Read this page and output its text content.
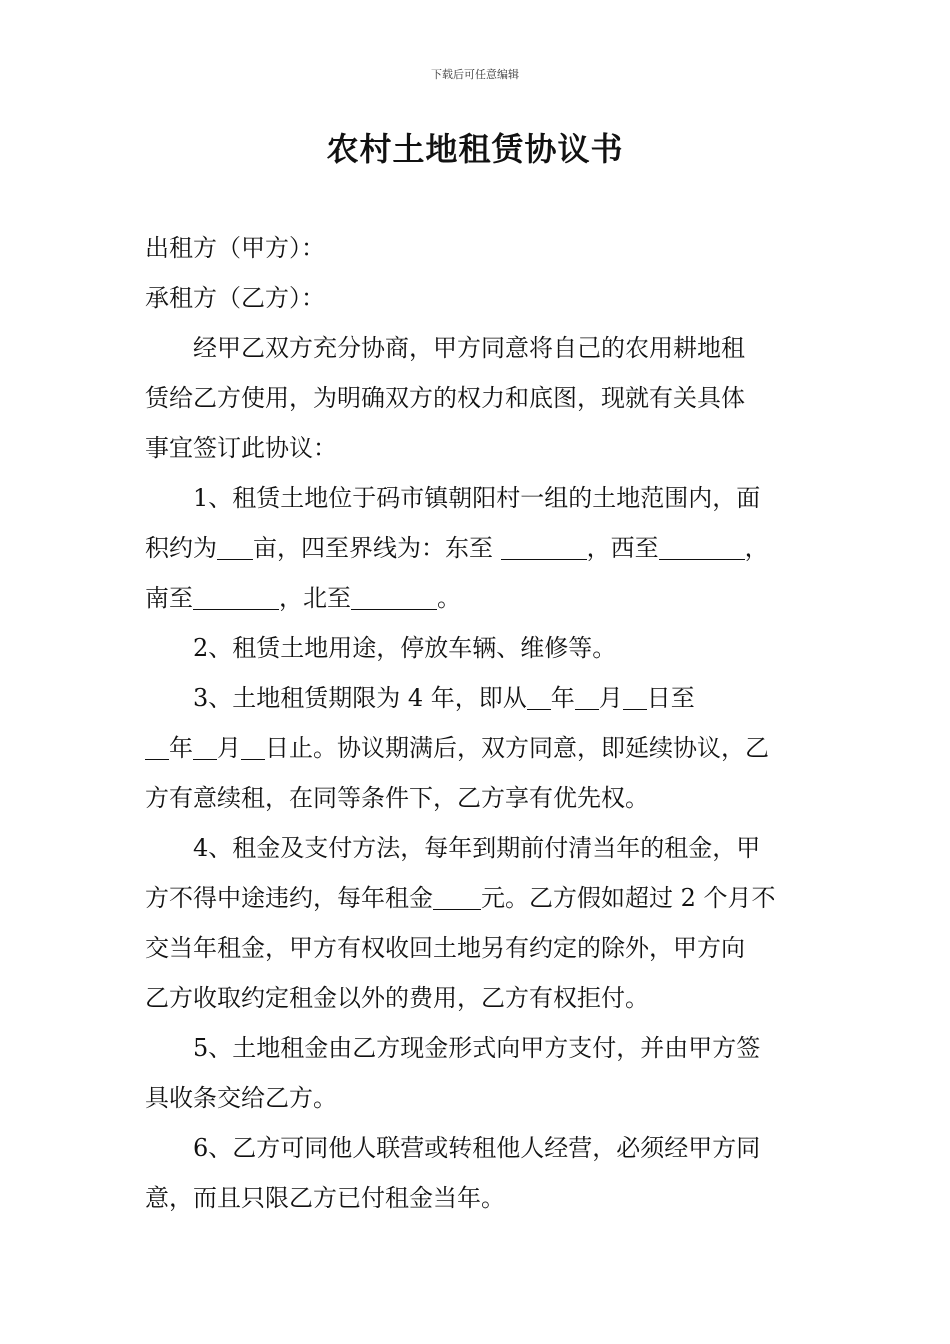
下载后可任意编辑
农村土地租赁协议书
出租方（甲方）：
承租方（乙方）：
经甲乙双方充分协商，甲方同意将自己的农用耕地租
赁给乙方使用，为明确双方的权力和底图，现就有关具体
事宜签订此协议：
1、租赁土地位于码市镇朝阳村一组的土地范围内，面
积约为 亩，四至界线为：东至	，西至	，
南至	，北至	。
2、租赁土地用途，停放车辆、维修等。
3、土地租赁期限为 4 年，即从 年 月 日至
年 月 日止。协议期满后，双方同意，即延续协议，乙
方有意续租，在同等条件下，乙方享有优先权。
4、租金及支付方法，每年到期前付清当年的租金，甲
方不得中途违约，每年租金 元。乙方假如超过 2 个月不
交当年租金，甲方有权收回土地另有约定的除外，甲方向
乙方收取约定租金以外的费用，乙方有权拒付。
5、土地租金由乙方现金形式向甲方支付，并由甲方签
具收条交给乙方。
6、乙方可同他人联营或转租他人经营，必须经甲方同
意，而且只限乙方已付租金当年。
